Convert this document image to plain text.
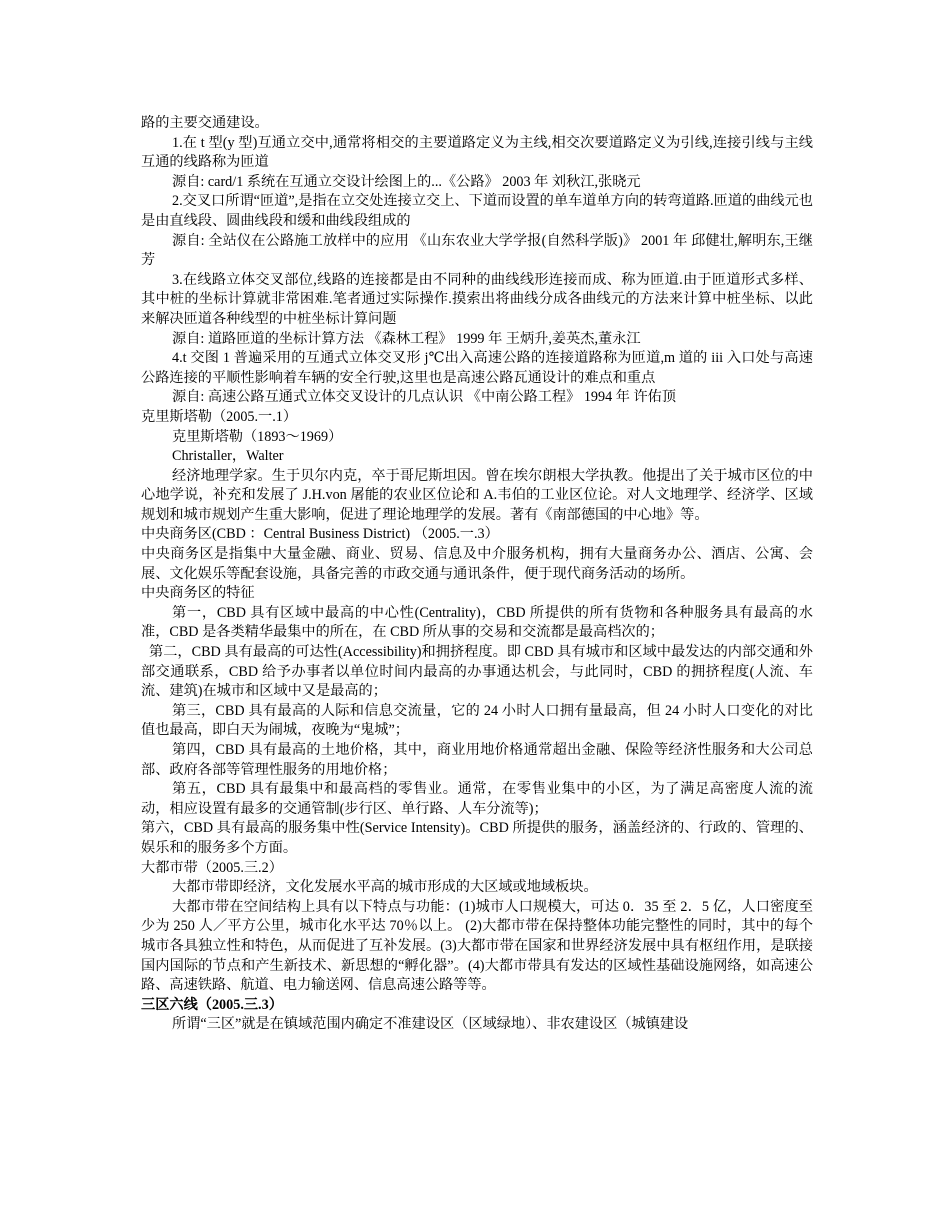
路的主要交通建设。

1.在 t 型(y 型)互通立交中,通常将相交的主要道路定义为主线,相交次要道路定义为引线,连接引线与主线互通的线路称为匝道

源自: card/1 系统在互通立交设计绘图上的...《公路》 2003 年 刘秋江,张晓元

2.交叉口所谓“匝道”,是指在立交处连接立交上、下道而设置的单车道单方向的转弯道路.匝道的曲线元也是由直线段、圆曲线段和缓和曲线段组成的

源自: 全站仪在公路施工放样中的应用 《山东农业大学学报(自然科学版)》 2001 年 邱健壮,解明东,王继芳

3.在线路立体交叉部位,线路的连接都是由不同种的曲线线形连接而成、称为匝道.由于匝道形式多样、其中桩的坐标计算就非常困难.笔者通过实际操作.摸索出将曲线分成各曲线元的方法来计算中桩坐标、以此来解决匝道各种线型的中桩坐标计算问题

源自: 道路匝道的坐标计算方法 《森林工程》 1999 年 王炳升,姜英杰,董永江

4.t 交图 1 普遍采用的互通式立体交叉形 j℃出入高速公路的连接道路称为匝道,m 道的 iii 入口处与高速公路连接的平顺性影响着车辆的安全行驶,这里也是高速公路瓦通设计的难点和重点

源自: 高速公路互通式立体交叉设计的几点认识 《中南公路工程》 1994 年 许佑顶

克里斯塔勒（2005.一.1）

克里斯塔勒（1893～1969）

Christaller，Walter

经济地理学家。生于贝尔内克，卒于哥尼斯坦因。曾在埃尔朗根大学执教。他提出了关于城市区位的中心地学说，补充和发展了 J.H.von 屠能的农业区位论和 A.韦伯的工业区位论。对人文地理学、经济学、区域规划和城市规划产生重大影响，促进了理论地理学的发展。著有《南部德国的中心地》等。

中央商务区(CBD ：Central Business District) （2005.一.3）

中央商务区是指集中大量金融、商业、贸易、信息及中介服务机构，拥有大量商务办公、酒店、公寓、会展、文化娱乐等配套设施，具备完善的市政交通与通讯条件，便于现代商务活动的场所。

中央商务区的特征

第一，CBD 具有区域中最高的中心性(Centrality)，CBD 所提供的所有货物和各种服务具有最高的水准，CBD 是各类精华最集中的所在，在 CBD 所从事的交易和交流都是最高档次的；

第二，CBD 具有最高的可达性(Accessibility)和拥挤程度。即 CBD 具有城市和区域中最发达的内部交通和外部交通联系，CBD 给予办事者以单位时间内最高的办事通达机会，与此同时，CBD 的拥挤程度(人流、车流、建筑)在城市和区域中又是最高的；

第三，CBD 具有最高的人际和信息交流量，它的 24 小时人口拥有量最高，但 24 小时人口变化的对比值也最高，即白天为闹城，夜晚为“鬼城”；

第四，CBD 具有最高的土地价格，其中，商业用地价格通常超出金融、保险等经济性服务和大公司总部、政府各部等管理性服务的用地价格；

第五，CBD 具有最集中和最高档的零售业。通常，在零售业集中的小区，为了满足高密度人流的流动，相应设置有最多的交通管制(步行区、单行路、人车分流等)；

第六，CBD 具有最高的服务集中性(Service Intensity)。CBD 所提供的服务，涵盖经济的、行政的、管理的、娱乐和的服务多个方面。

大都市带（2005.三.2）

大都市带即经济，文化发展水平高的城市形成的大区域或地域板块。

大都市带在空间结构上具有以下特点与功能：(1)城市人口规模大，可达 0．35 至 2．5 亿，人口密度至少为 250 人／平方公里，城市化水平达 70％以上。 (2)大都市带在保持整体功能完整性的同时，其中的每个城市各具独立性和特色，从而促进了互补发展。(3)大都市带在国家和世界经济发展中具有枢纽作用，是联接国内国际的节点和产生新技术、新思想的“孵化器”。(4)大都市带具有发达的区域性基础设施网络，如高速公路、高速铁路、航道、电力输送网、信息高速公路等等。

三区六线（2005.三.3）

所谓“三区”就是在镇域范围内确定不准建设区（区域绿地）、非农建设区（城镇建设
